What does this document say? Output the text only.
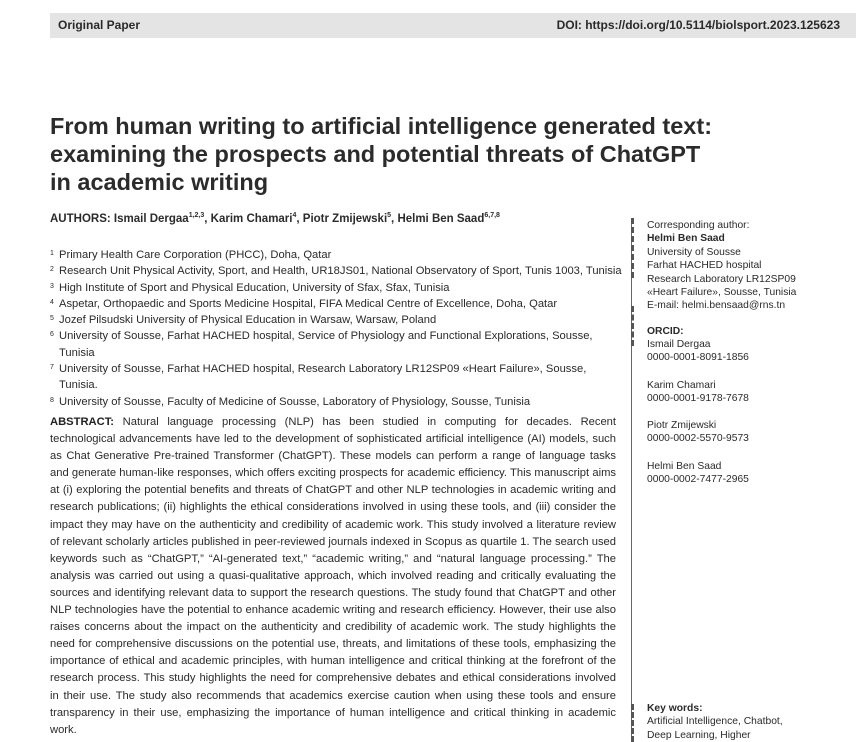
Original Paper	DOI: https://doi.org/10.5114/biolsport.2023.125623
From human writing to artificial intelligence generated text:
examining the prospects and potential threats of ChatGPT
in academic writing
AUTHORS: Ismail Dergaa$^{1,2,3}$, Karim Chamari$^4$, Piotr Zmijewski$^5$, Helmi Ben Saad$^{6,7,8}$
1 Primary Health Care Corporation (PHCC), Doha, Qatar
2 Research Unit Physical Activity, Sport, and Health, UR18JS01, National Observatory of Sport, Tunis 1003, Tunisia
3 High Institute of Sport and Physical Education, University of Sfax, Sfax, Tunisia
4 Aspetar, Orthopaedic and Sports Medicine Hospital, FIFA Medical Centre of Excellence, Doha, Qatar
5 Jozef Pilsudski University of Physical Education in Warsaw, Warsaw, Poland
6 University of Sousse, Farhat HACHED hospital, Service of Physiology and Functional Explorations, Sousse, Tunisia
7 University of Sousse, Farhat HACHED hospital, Research Laboratory LR12SP09 «Heart Failure», Sousse, Tunisia.
8 University of Sousse, Faculty of Medicine of Sousse, Laboratory of Physiology, Sousse, Tunisia

ABSTRACT: Natural language processing (NLP) has been studied in computing for decades. Recent technological advancements have led to the development of sophisticated artificial intelligence (AI) models, such as Chat Generative Pre-trained Transformer (ChatGPT). These models can perform a range of language tasks and generate human-like responses, which offers exciting prospects for academic efficiency. This manuscript aims at (i) exploring the potential benefits and threats of ChatGPT and other NLP technologies in academic writing and research publications; (ii) highlights the ethical considerations involved in using these tools, and (iii) consider the impact they may have on the authenticity and credibility of academic work. This study involved a literature review of relevant scholarly articles published in peer-reviewed journals indexed in Scopus as quartile 1. The search used keywords such as “ChatGPT,” “AI-generated text,” “academic writing,” and “natural language processing.” The analysis was carried out using a quasi-qualitative approach, which involved reading and critically evaluating the sources and identifying relevant data to support the research questions. The study found that ChatGPT and other NLP technologies have the potential to enhance academic writing and research efficiency. However, their use also raises concerns about the impact on the authenticity and credibility of academic work. The study highlights the need for comprehensive discussions on the potential use, threats, and limitations of these tools, emphasizing the importance of ethical and academic principles, with human intelligence and critical thinking at the forefront of the research process. This study highlights the need for comprehensive debates and ethical considerations involved in their use. The study also recommends that academics exercise caution when using these tools and ensure transparency in their use, emphasizing the importance of human intelligence and critical thinking in academic work.

Corresponding author:
Helmi Ben Saad
University of Sousse
Farhat HACHED hospital
Research Laboratory LR12SP09
«Heart Failure», Sousse, Tunisia
E-mail: helmi.bensaad@rns.tn
ORCID:
Ismail Dergaa
0000-0001-8091-1856
Karim Chamari
0000-0001-9178-7678
Piotr Zmijewski
0000-0002-5570-9573
Helmi Ben Saad
0000-0002-7477-2965
Key words:
Artificial Intelligence, Chatbot,
Deep Learning, Higher
